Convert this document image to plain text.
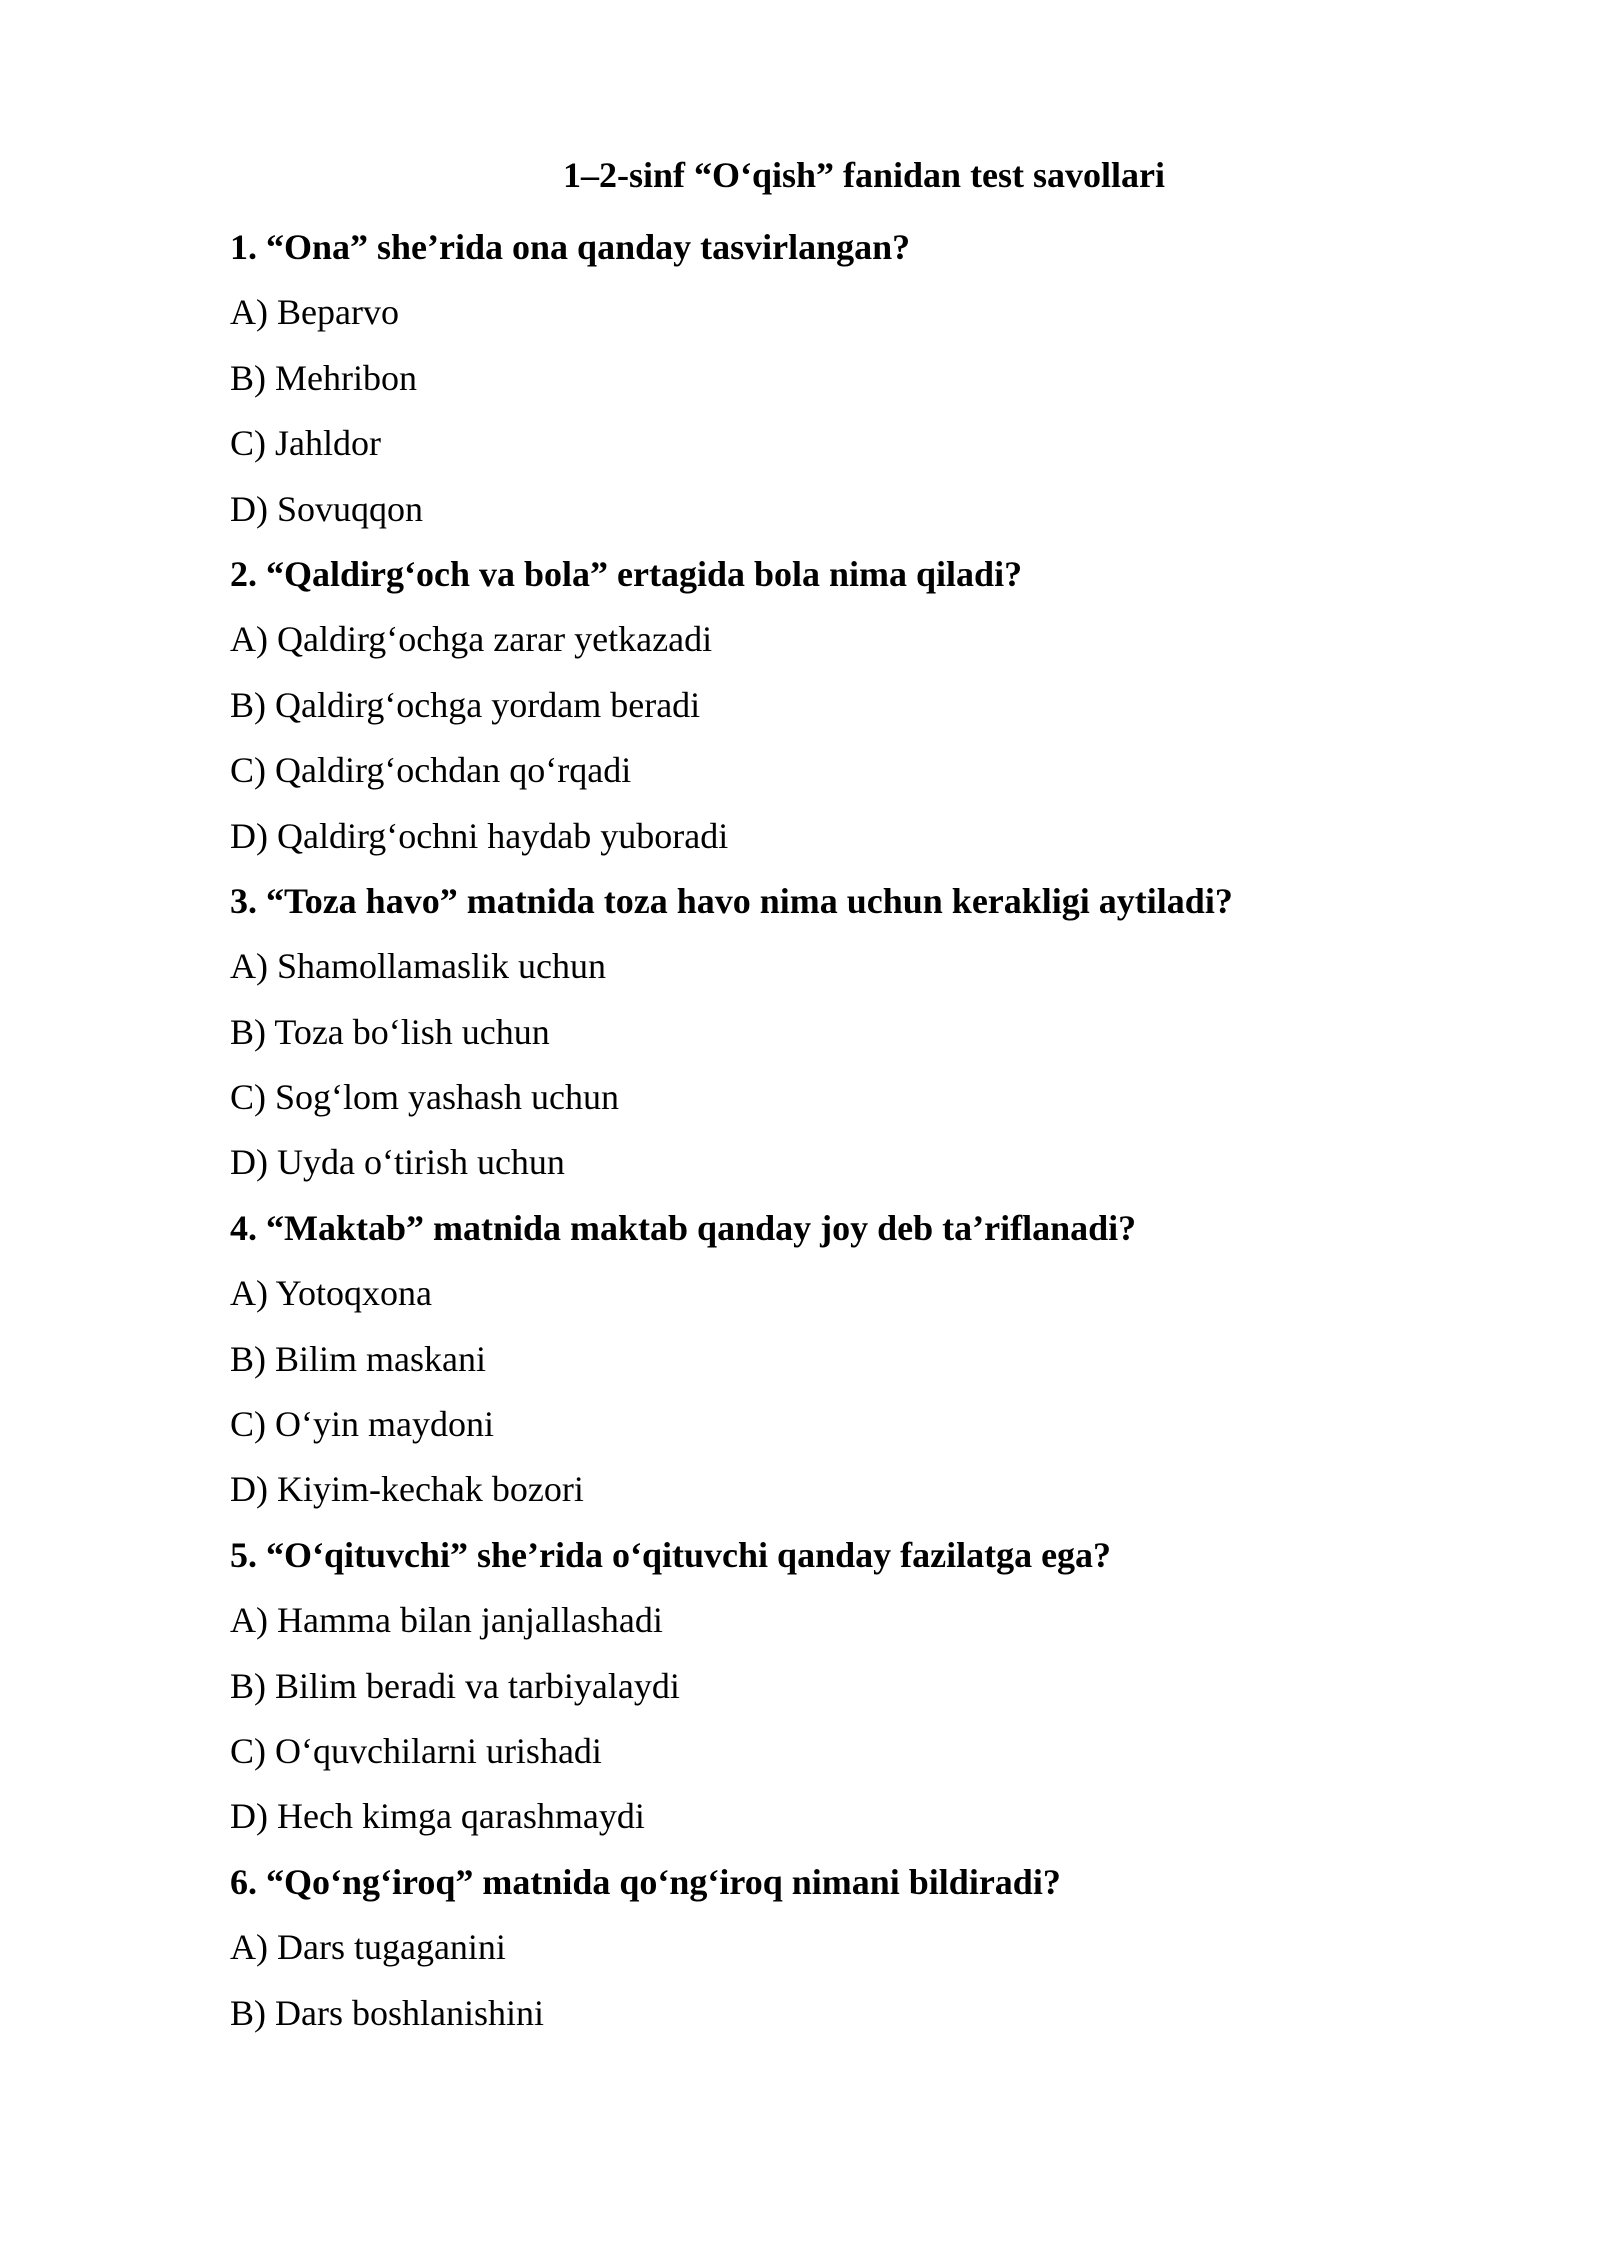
1–2-sinf “O‘qish” fanidan test savollari

1. “Ona” she’rida ona qanday tasvirlangan?

A) Beparvo

B) Mehribon

C) Jahldor

D) Sovuqqon

2. “Qaldirg‘och va bola” ertagida bola nima qiladi?

A) Qaldirg‘ochga zarar yetkazadi

B) Qaldirg‘ochga yordam beradi

C) Qaldirg‘ochdan qo‘rqadi

D) Qaldirg‘ochni haydab yuboradi

3. “Toza havo” matnida toza havo nima uchun kerakligi aytiladi?

A) Shamollamaslik uchun

B) Toza bo‘lish uchun

C) Sog‘lom yashash uchun

D) Uyda o‘tirish uchun

4. “Maktab” matnida maktab qanday joy deb ta’riflanadi?

A) Yotoqxona

B) Bilim maskani

C) O‘yin maydoni

D) Kiyim-kechak bozori

5. “O‘qituvchi” she’rida o‘qituvchi qanday fazilatga ega?

A) Hamma bilan janjallashadi

B) Bilim beradi va tarbiyalaydi

C) O‘quvchilarni urishadi

D) Hech kimga qarashmaydi

6. “Qo‘ng‘iroq” matnida qo‘ng‘iroq nimani bildiradi?

A) Dars tugaganini

B) Dars boshlanishini
